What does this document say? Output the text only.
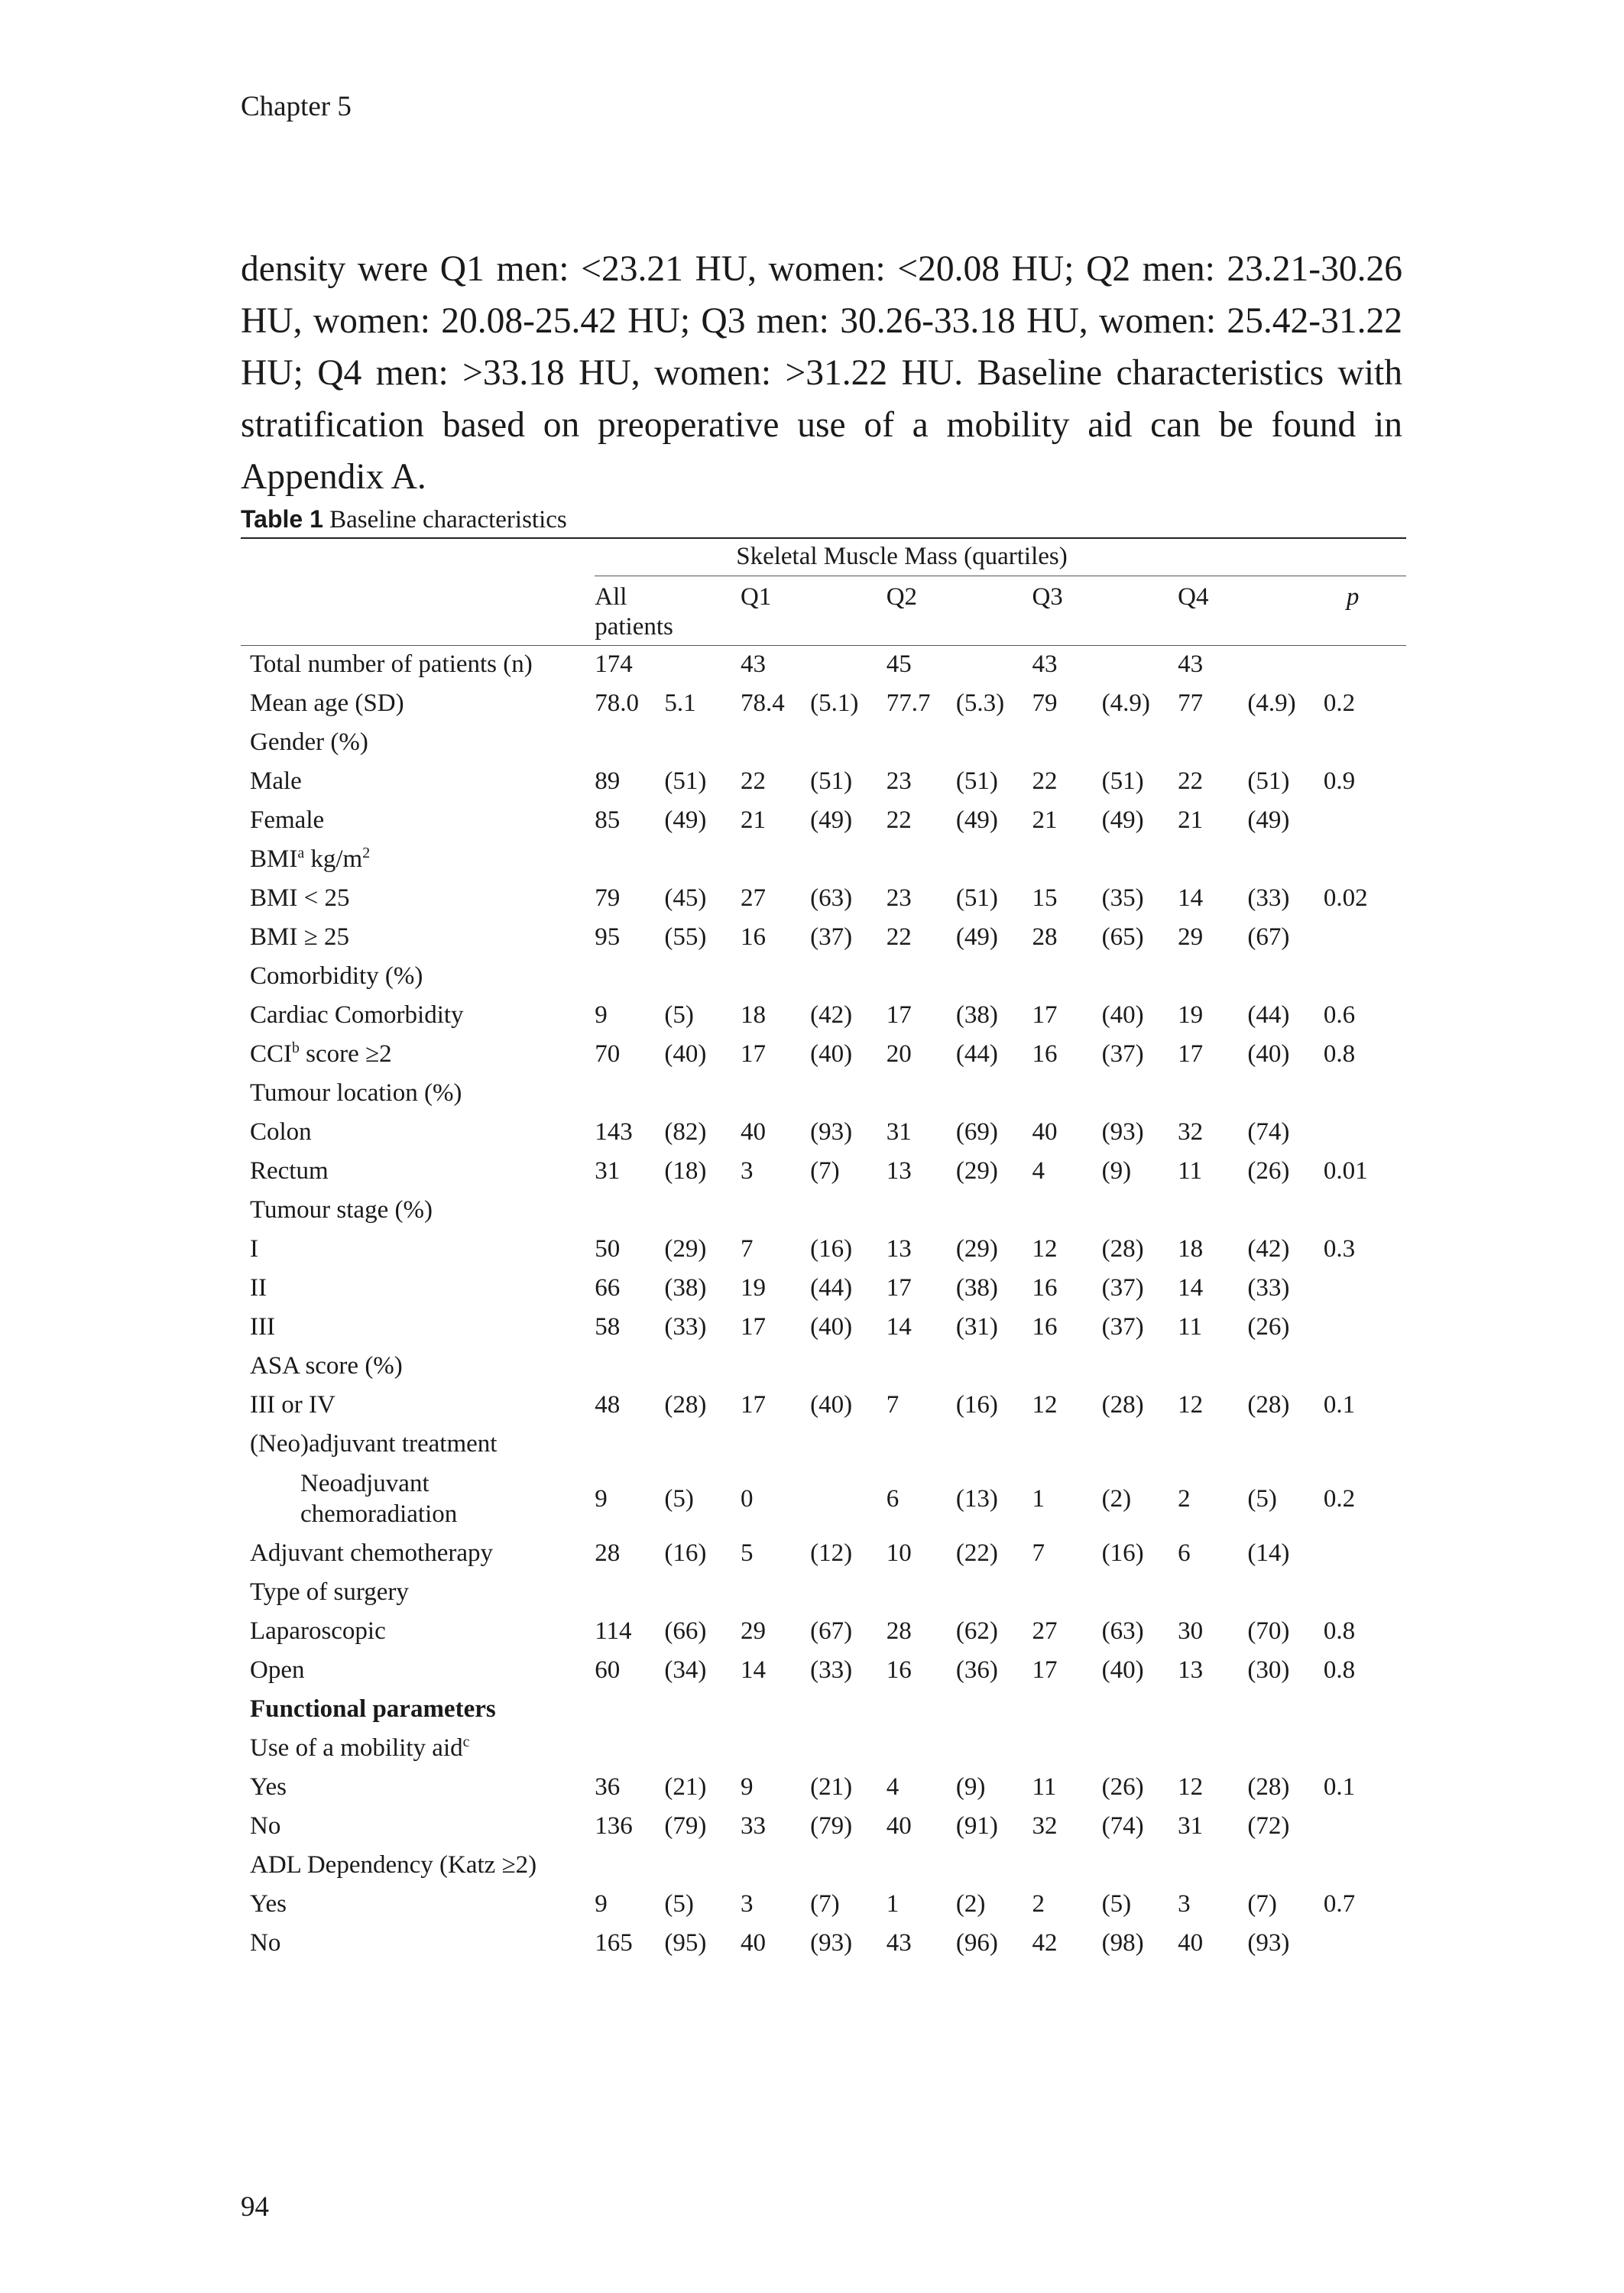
Chapter 5

density were Q1 men: <23.21 HU, women: <20.08 HU; Q2 men: 23.21-30.26 HU, women: 20.08-25.42 HU; Q3 men: 30.26-33.18 HU, women: 25.42-31.22 HU; Q4 men: >33.18 HU, women: >31.22 HU. Baseline characteristics with stratification based on preoperative use of a mobility aid can be found in Appendix A.

Table 1 Baseline characteristics

	Skeletal Muscle Mass (quartiles)										
	All patients		Q1		Q2		Q3		Q4		p
Total number of patients (n)	174		43		45		43		43		
Mean age (SD)	78.0	5.1	78.4	(5.1)	77.7	(5.3)	79	(4.9)	77	(4.9)	0.2
Gender (%)											
Male	89	(51)	22	(51)	23	(51)	22	(51)	22	(51)	0.9
Female	85	(49)	21	(49)	22	(49)	21	(49)	21	(49)	
BMI$^a$ $kg/m^2$											
BMI < 25	79	(45)	27	(63)	23	(51)	15	(35)	14	(33)	0.02
BMI ≥ 25	95	(55)	16	(37)	22	(49)	28	(65)	29	(67)	
Comorbidity (%)											
Cardiac Comorbidity	9	(5)	18	(42)	17	(38)	17	(40)	19	(44)	0.6
CCI$^b$ score ≥2	70	(40)	17	(40)	20	(44)	16	(37)	17	(40)	0.8
Tumour location (%)											
Colon	143	(82)	40	(93)	31	(69)	40	(93)	32	(74)	
Rectum	31	(18)	3	(7)	13	(29)	4	(9)	11	(26)	0.01
Tumour stage (%)											
I	50	(29)	7	(16)	13	(29)	12	(28)	18	(42)	0.3
II	66	(38)	19	(44)	17	(38)	16	(37)	14	(33)	
III	58	(33)	17	(40)	14	(31)	16	(37)	11	(26)	
ASA score (%)											
III or IV	48	(28)	17	(40)	7	(16)	12	(28)	12	(28)	0.1
(Neo)adjuvant treatment											
Neoadjuvant chemoradiation	9	(5)	0		6	(13)	1	(2)	2	(5)	0.2
Adjuvant chemotherapy	28	(16)	5	(12)	10	(22)	7	(16)	6	(14)	
Type of surgery											
Laparoscopic	114	(66)	29	(67)	28	(62)	27	(63)	30	(70)	0.8
Open	60	(34)	14	(33)	16	(36)	17	(40)	13	(30)	0.8
Functional parameters											
Use of a mobility aid$^c$											
Yes	36	(21)	9	(21)	4	(9)	11	(26)	12	(28)	0.1
No	136	(79)	33	(79)	40	(91)	32	(74)	31	(72)	
ADL Dependency (Katz ≥2)											
Yes	9	(5)	3	(7)	1	(2)	2	(5)	3	(7)	0.7
No	165	(95)	40	(93)	43	(96)	42	(98)	40	(93)	
94
